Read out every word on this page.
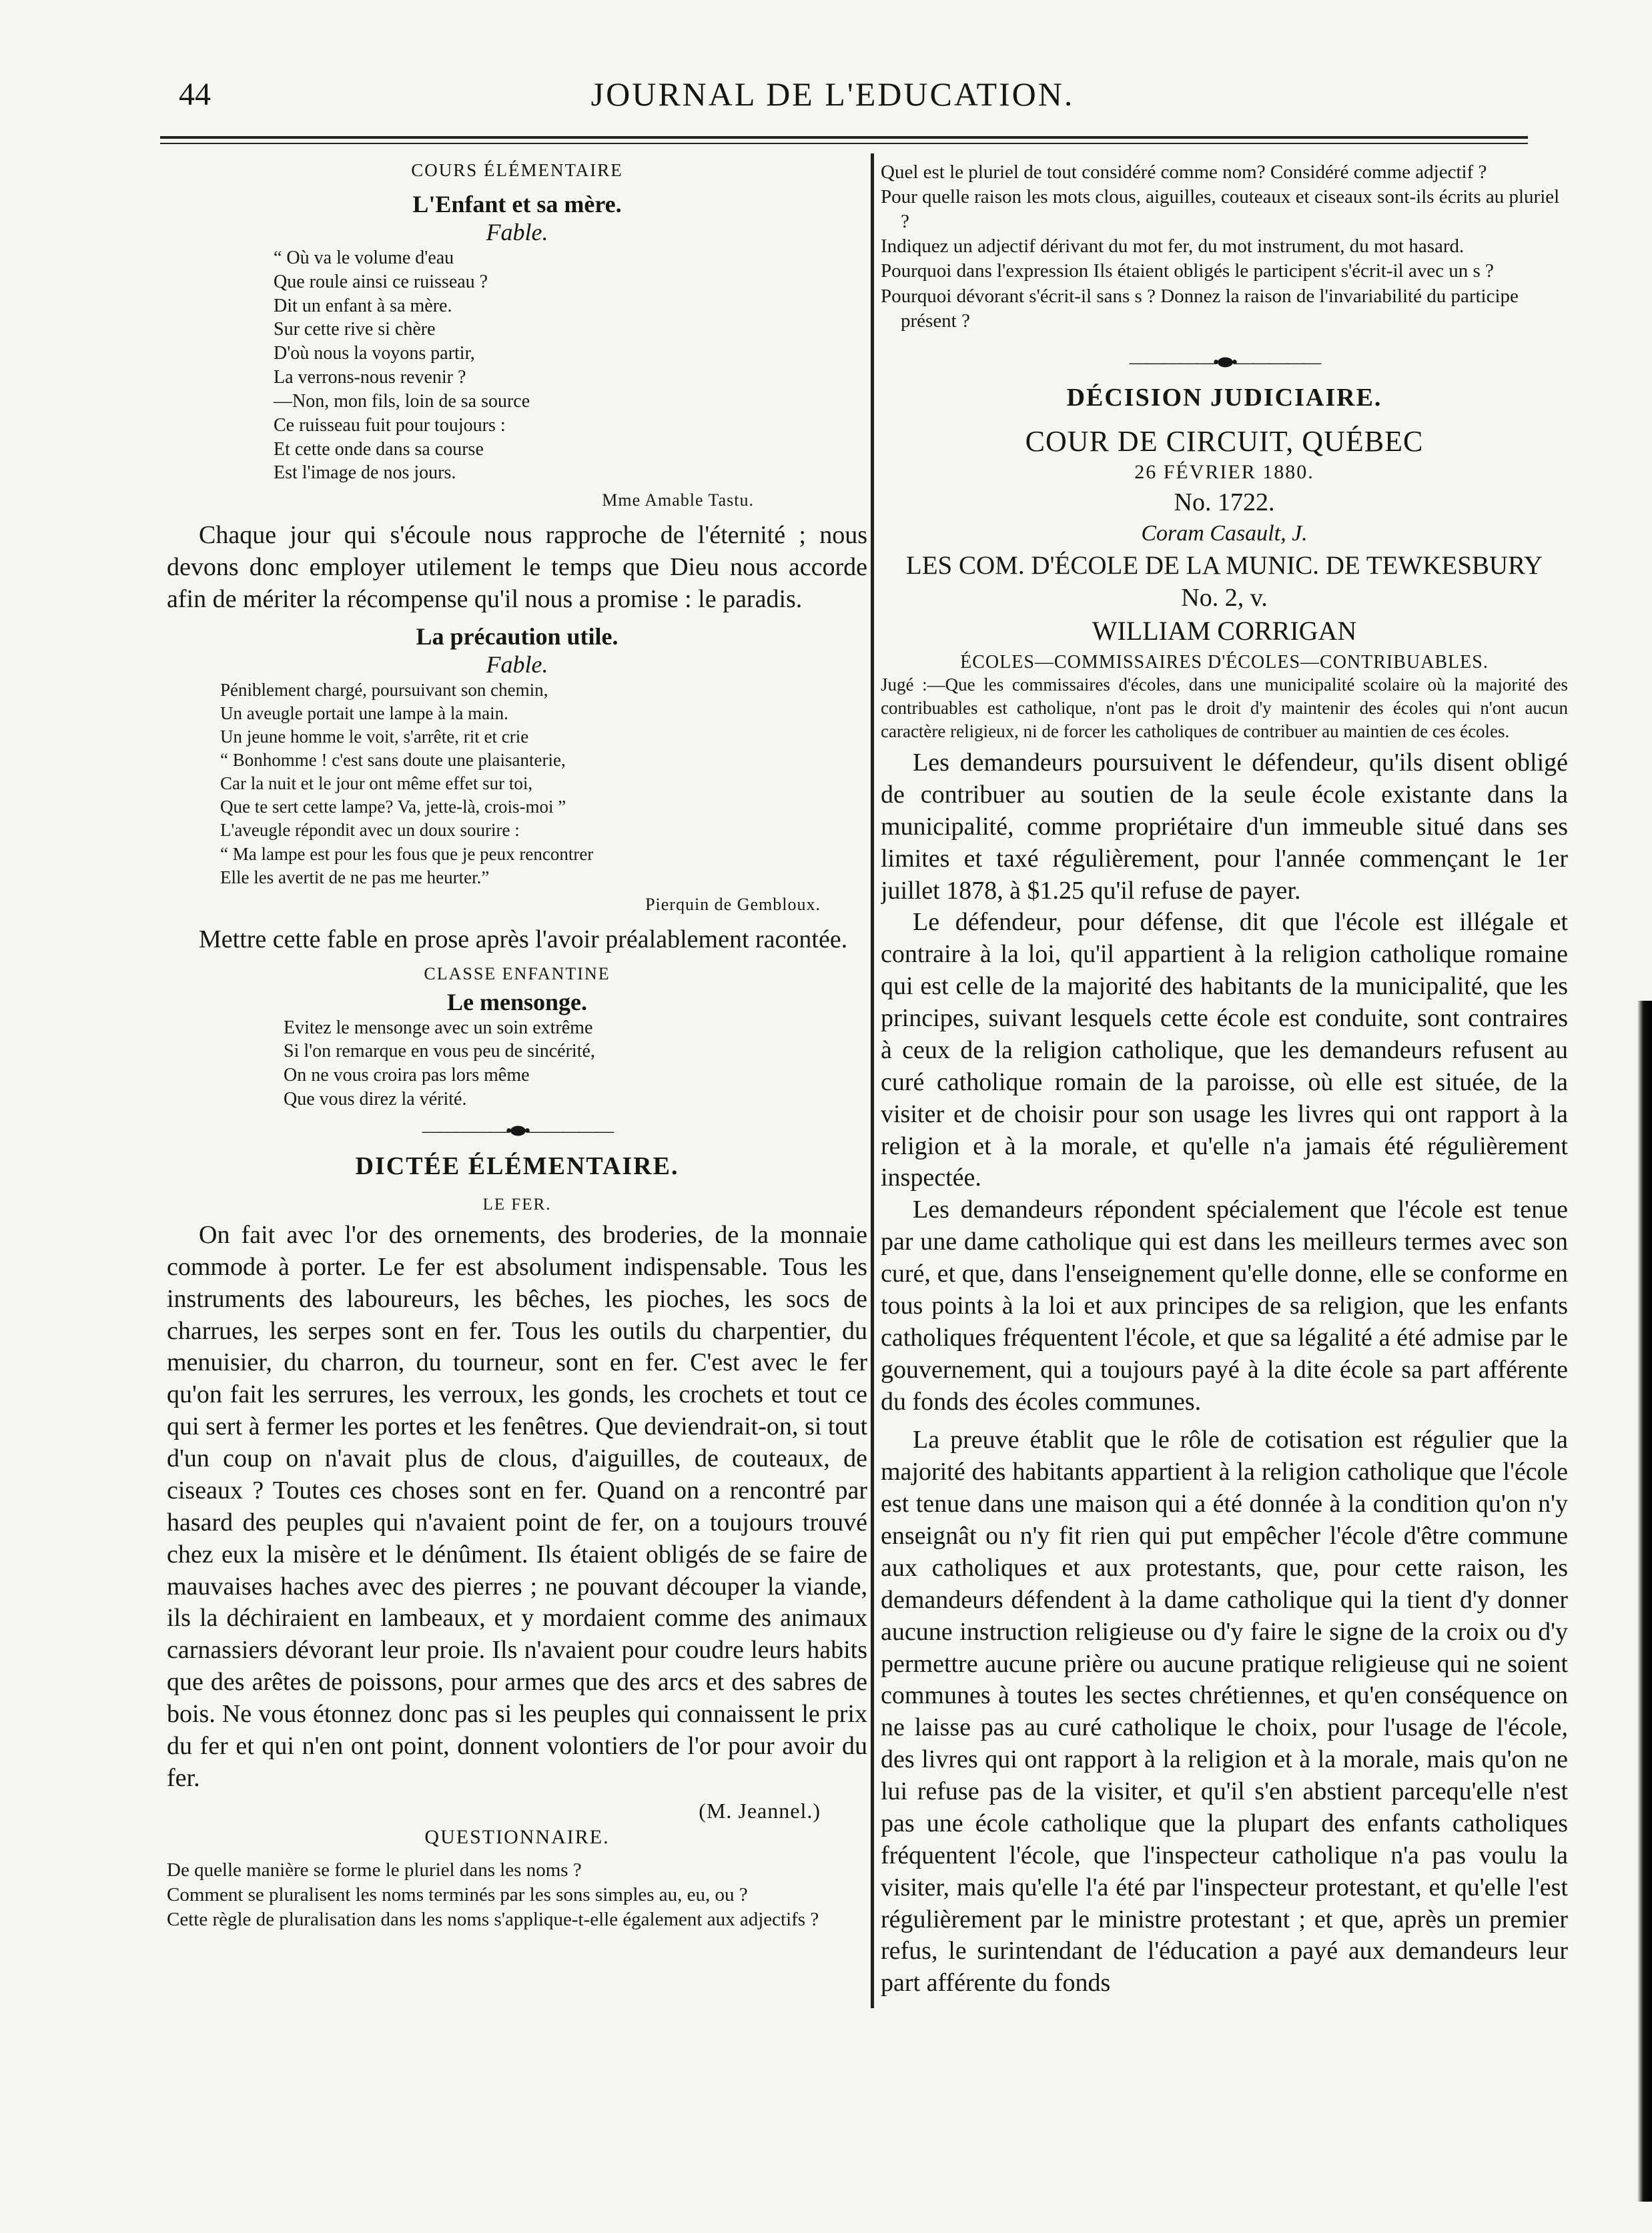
44	JOURNAL DE L'EDUCATION.

COURS ÉLÉMENTAIRE

L'Enfant et sa mère.

Fable.

“ Où va le volume d'eau
Que roule ainsi ce ruisseau ?
Dit un enfant à sa mère.
Sur cette rive si chère
D'où nous la voyons partir,
La verrons-nous revenir ?
—Non, mon fils, loin de sa source
Ce ruisseau fuit pour toujours :
Et cette onde dans sa course
Est l'image de nos jours.

Mme Amable Tastu.

Chaque jour qui s'écoule nous rapproche de l'éternité ; nous devons donc employer utilement le temps que Dieu nous accorde afin de mériter la récompense qu'il nous a promise : le paradis.

La précaution utile.

Fable.

Péniblement chargé, poursuivant son chemin,
Un aveugle portait une lampe à la main.
Un jeune homme le voit, s'arrête, rit et crie
“ Bonhomme ! c'est sans doute une plaisanterie,
Car la nuit et le jour ont même effet sur toi,
Que te sert cette lampe? Va, jette-là, crois-moi ”
L'aveugle répondit avec un doux sourire :
“ Ma lampe est pour les fous que je peux rencontrer
Elle les avertit de ne pas me heurter.”

Pierquin de Gembloux.

Mettre cette fable en prose après l'avoir préalablement racontée.

CLASSE ENFANTINE

Le mensonge.

Evitez le mensonge avec un soin extrême
Si l'on remarque en vous peu de sincérité,
On ne vous croira pas lors même
Que vous direz la vérité.

—————•⬬•—————

DICTÉE ÉLÉMENTAIRE.

LE FER.

On fait avec l'or des ornements, des broderies, de la monnaie commode à porter. Le fer est absolument indispensable. Tous les instruments des laboureurs, les bêches, les pioches, les socs de charrues, les serpes sont en fer. Tous les outils du charpentier, du menuisier, du charron, du tourneur, sont en fer. C'est avec le fer qu'on fait les serrures, les verroux, les gonds, les crochets et tout ce qui sert à fermer les portes et les fenêtres. Que deviendrait-on, si tout d'un coup on n'avait plus de clous, d'aiguilles, de couteaux, de ciseaux ? Toutes ces choses sont en fer. Quand on a rencontré par hasard des peuples qui n'avaient point de fer, on a toujours trouvé chez eux la misère et le dénûment. Ils étaient obligés de se faire de mauvaises haches avec des pierres ; ne pouvant découper la viande, ils la déchiraient en lambeaux, et y mordaient comme des animaux carnassiers dévorant leur proie. Ils n'avaient pour coudre leurs habits que des arêtes de poissons, pour armes que des arcs et des sabres de bois. Ne vous étonnez donc pas si les peuples qui connaissent le prix du fer et qui n'en ont point, donnent volontiers de l'or pour avoir du fer.

(M. Jeannel.)

QUESTIONNAIRE.

De quelle manière se forme le pluriel dans les noms ?

Comment se pluralisent les noms terminés par les sons simples au, eu, ou ?

Cette règle de pluralisation dans les noms s'applique-t-elle également aux adjectifs ?

Quel est le pluriel de tout considéré comme nom? Considéré comme adjectif ?

Pour quelle raison les mots clous, aiguilles, couteaux et ciseaux sont-ils écrits au pluriel ?

Indiquez un adjectif dérivant du mot fer, du mot instrument, du mot hasard.

Pourquoi dans l'expression Ils étaient obligés le participent s'écrit-il avec un s ?

Pourquoi dévorant s'écrit-il sans s ? Donnez la raison de l'invariabilité du participe présent ?

—————•⬬•—————

DÉCISION JUDICIAIRE.

COUR DE CIRCUIT, QUÉBEC

26 FÉVRIER 1880.

No. 1722.

Coram Casault, J.

LES COM. D'ÉCOLE DE LA MUNIC. DE TEWKESBURY

No. 2, v.

WILLIAM CORRIGAN

ÉCOLES—COMMISSAIRES D'ÉCOLES—CONTRIBUABLES.

Jugé :—Que les commissaires d'écoles, dans une municipalité scolaire où la majorité des contribuables est catholique, n'ont pas le droit d'y maintenir des écoles qui n'ont aucun caractère religieux, ni de forcer les catholiques de contribuer au maintien de ces écoles.

Les demandeurs poursuivent le défendeur, qu'ils disent obligé de contribuer au soutien de la seule école existante dans la municipalité, comme propriétaire d'un immeuble situé dans ses limites et taxé régulièrement, pour l'année commençant le 1er juillet 1878, à $1.25 qu'il refuse de payer.

Le défendeur, pour défense, dit que l'école est illégale et contraire à la loi, qu'il appartient à la religion catholique romaine qui est celle de la majorité des habitants de la municipalité, que les principes, suivant lesquels cette école est conduite, sont contraires à ceux de la religion catholique, que les demandeurs refusent au curé catholique romain de la paroisse, où elle est située, de la visiter et de choisir pour son usage les livres qui ont rapport à la religion et à la morale, et qu'elle n'a jamais été régulièrement inspectée.

Les demandeurs répondent spécialement que l'école est tenue par une dame catholique qui est dans les meilleurs termes avec son curé, et que, dans l'enseignement qu'elle donne, elle se conforme en tous points à la loi et aux principes de sa religion, que les enfants catholiques fréquentent l'école, et que sa légalité a été admise par le gouvernement, qui a toujours payé à la dite école sa part afférente du fonds des écoles communes.

La preuve établit que le rôle de cotisation est régulier que la majorité des habitants appartient à la religion catholique que l'école est tenue dans une maison qui a été donnée à la condition qu'on n'y enseignât ou n'y fit rien qui put empêcher l'école d'être commune aux catholiques et aux protestants, que, pour cette raison, les demandeurs défendent à la dame catholique qui la tient d'y donner aucune instruction religieuse ou d'y faire le signe de la croix ou d'y permettre aucune prière ou aucune pratique religieuse qui ne soient communes à toutes les sectes chrétiennes, et qu'en conséquence on ne laisse pas au curé catholique le choix, pour l'usage de l'école, des livres qui ont rapport à la religion et à la morale, mais qu'on ne lui refuse pas de la visiter, et qu'il s'en abstient parcequ'elle n'est pas une école catholique que la plupart des enfants catholiques fréquentent l'école, que l'inspecteur catholique n'a pas voulu la visiter, mais qu'elle l'a été par l'inspecteur protestant, et qu'elle l'est régulièrement par le ministre protestant ; et que, après un premier refus, le surintendant de l'éducation a payé aux demandeurs leur part afférente du fonds
